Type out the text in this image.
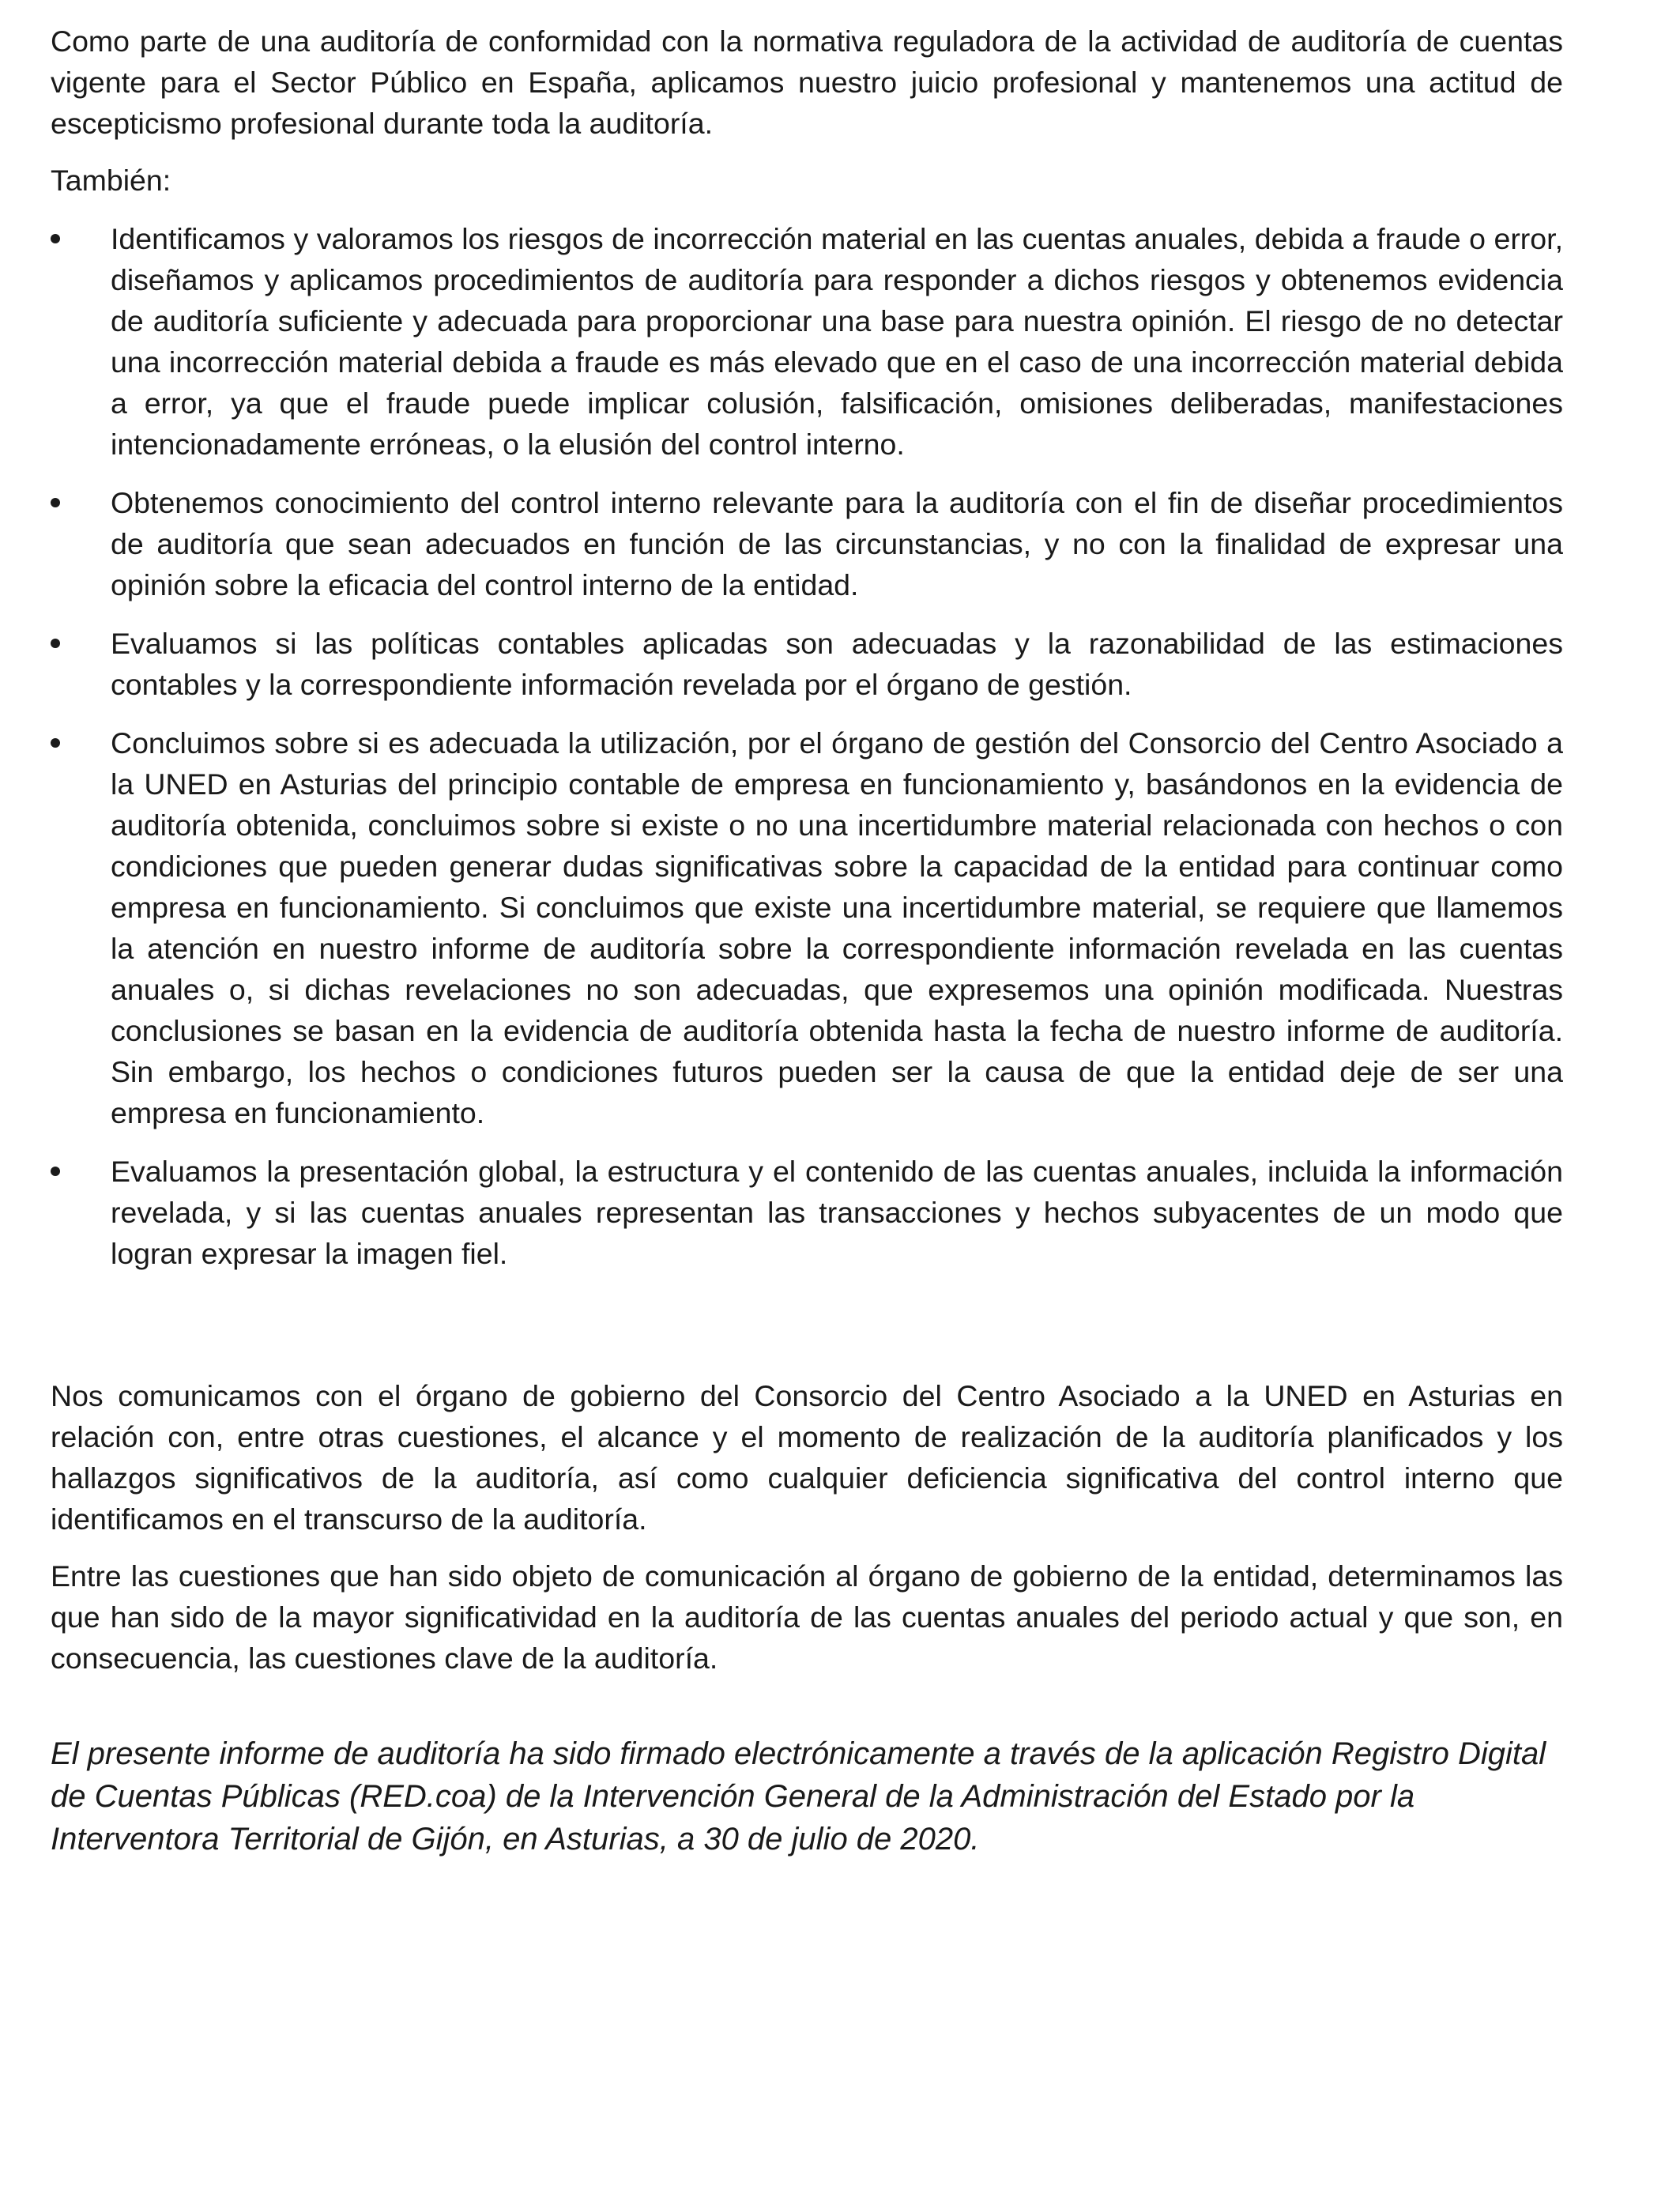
Como parte de una auditoría de conformidad con la normativa reguladora de la actividad de auditoría de cuentas vigente para el Sector Público en España, aplicamos nuestro juicio profesional y mantenemos una actitud de escepticismo profesional durante toda la auditoría.

También:

Identificamos y valoramos los riesgos de incorrección material en las cuentas anuales, debida a fraude o error, diseñamos y aplicamos procedimientos de auditoría para responder a dichos riesgos y obtenemos evidencia de auditoría suficiente y adecuada para proporcionar una base para nuestra opinión. El riesgo de no detectar una incorrección material debida a fraude es más elevado que en el caso de una incorrección material debida a error, ya que el fraude puede implicar colusión, falsificación, omisiones deliberadas, manifestaciones intencionadamente erróneas, o la elusión del control interno.
Obtenemos conocimiento del control interno relevante para la auditoría con el fin de diseñar procedimientos de auditoría que sean adecuados en función de las circunstancias, y no con la finalidad de expresar una opinión sobre la eficacia del control interno de la entidad.
Evaluamos si las políticas contables aplicadas son adecuadas y la razonabilidad de las estimaciones contables y la correspondiente información revelada por el órgano de gestión.
Concluimos sobre si es adecuada la utilización, por el órgano de gestión del Consorcio del Centro Asociado a la UNED en Asturias del principio contable de empresa en funcionamiento y, basándonos en la evidencia de auditoría obtenida, concluimos sobre si existe o no una incertidumbre material relacionada con hechos o con condiciones que pueden generar dudas significativas sobre la capacidad de la entidad para continuar como empresa en funcionamiento. Si concluimos que existe una incertidumbre material, se requiere que llamemos la atención en nuestro informe de auditoría sobre la correspondiente información revelada en las cuentas anuales o, si dichas revelaciones no son adecuadas, que expresemos una opinión modificada. Nuestras conclusiones se basan en la evidencia de auditoría obtenida hasta la fecha de nuestro informe de auditoría. Sin embargo, los hechos o condiciones futuros pueden ser la causa de que la entidad deje de ser una empresa en funcionamiento.
Evaluamos la presentación global, la estructura y el contenido de las cuentas anuales, incluida la información revelada, y si las cuentas anuales representan las transacciones y hechos subyacentes de un modo que logran expresar la imagen fiel.

Nos comunicamos con el órgano de gobierno del Consorcio del Centro Asociado a la UNED en Asturias en relación con, entre otras cuestiones, el alcance y el momento de realización de la auditoría planificados y los hallazgos significativos de la auditoría, así como cualquier deficiencia significativa del control interno que identificamos en el transcurso de la auditoría.

Entre las cuestiones que han sido objeto de comunicación al órgano de gobierno de la entidad, determinamos las que han sido de la mayor significatividad en la auditoría de las cuentas anuales del periodo actual y que son, en consecuencia, las cuestiones clave de la auditoría.

El presente informe de auditoría ha sido firmado electrónicamente a través de la aplicación Registro Digital de Cuentas Públicas (RED.coa) de la Intervención General de la Administración del Estado por la Interventora Territorial de Gijón, en Asturias, a 30 de julio de 2020.
